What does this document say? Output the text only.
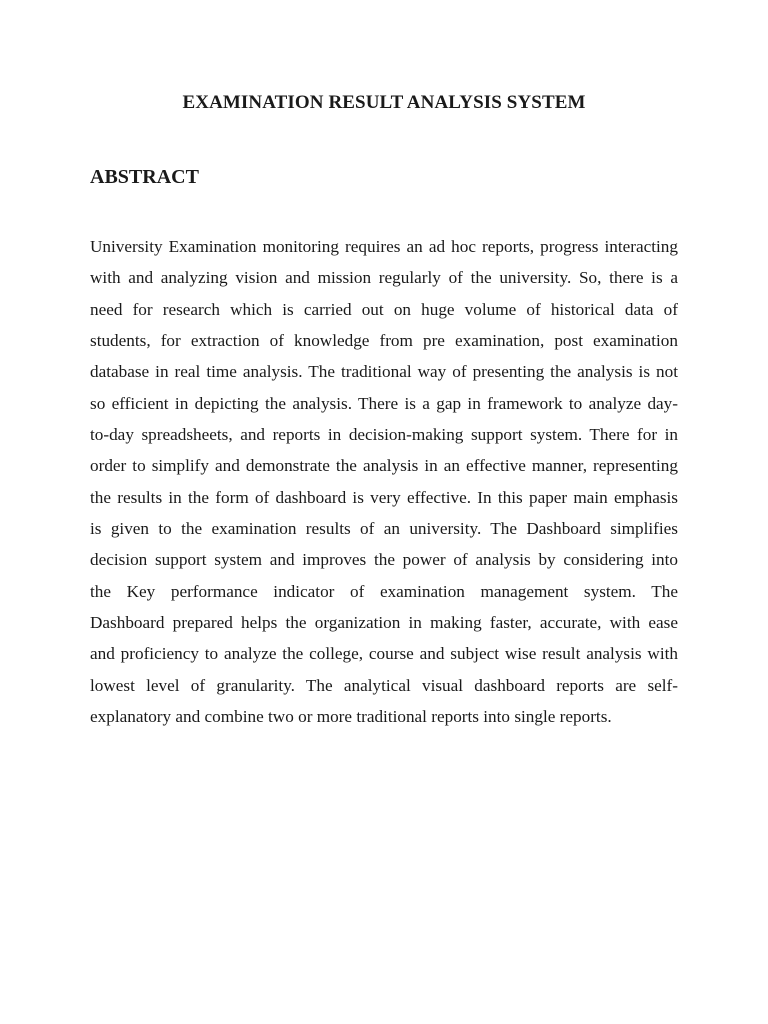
EXAMINATION RESULT ANALYSIS SYSTEM
ABSTRACT
University Examination monitoring requires an ad hoc reports, progress interacting
with and analyzing vision and mission regularly of the university. So, there is a
need for research which is carried out on huge volume of historical data of
students, for extraction of knowledge from pre examination, post examination
database in real time analysis. The traditional way of presenting the analysis is not
so efficient in depicting the analysis. There is a gap in framework to analyze day-
to-day spreadsheets, and reports in decision-making support system. There for in
order to simplify and demonstrate the analysis in an effective manner, representing
the results in the form of dashboard is very effective. In this paper main emphasis
is given to the examination results of an university. The Dashboard simplifies
decision support system and improves the power of analysis by considering into
the Key performance indicator of examination management system. The
Dashboard prepared helps the organization in making faster, accurate, with ease
and proficiency to analyze the college, course and subject wise result analysis with
lowest level of granularity. The analytical visual dashboard reports are self-
explanatory and combine two or more traditional reports into single reports.
